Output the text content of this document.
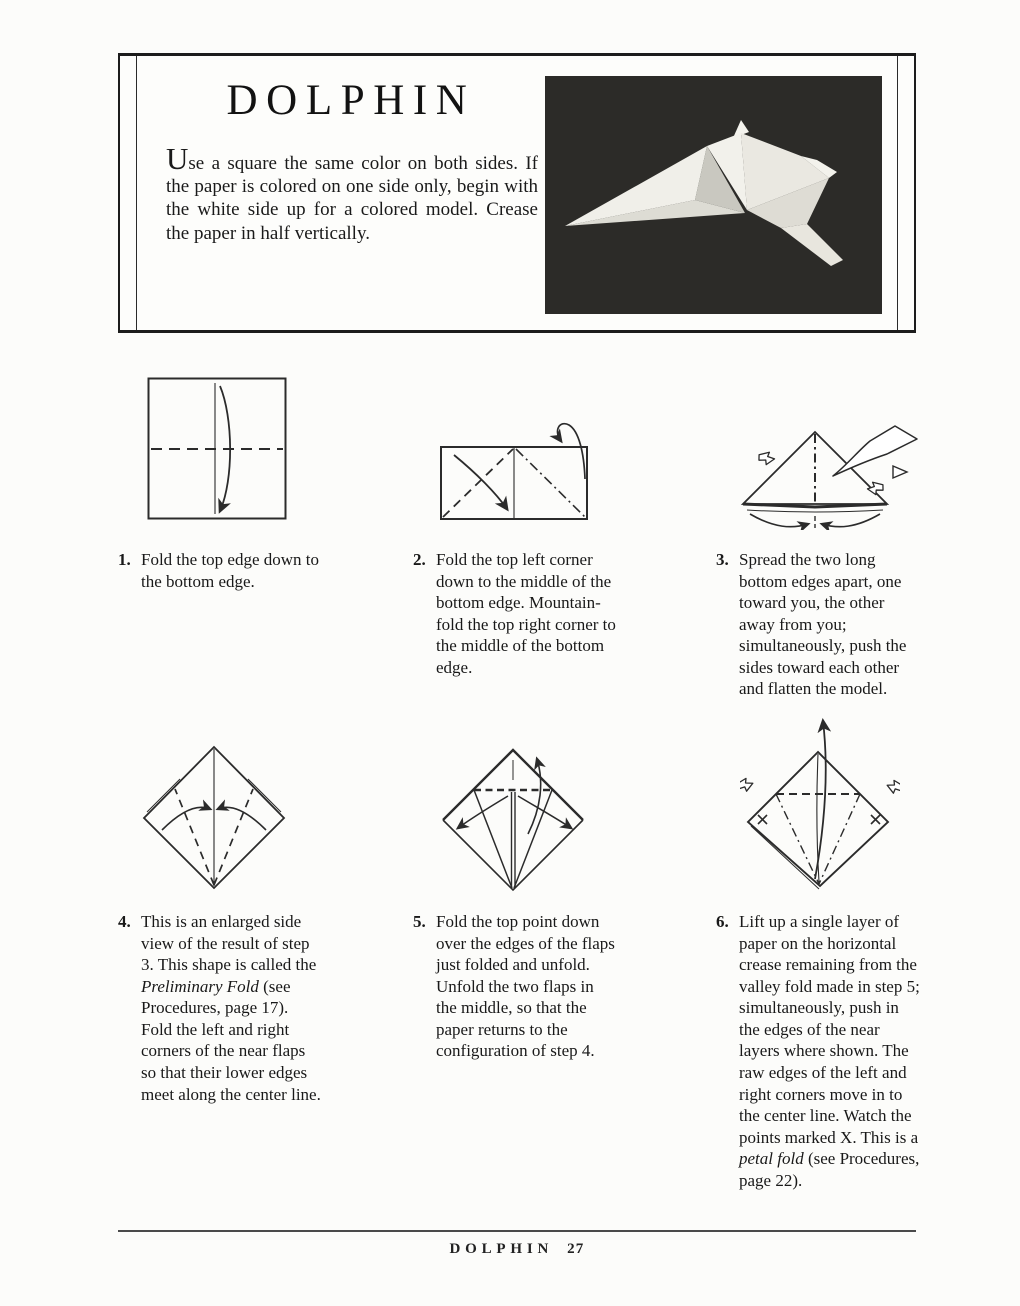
DOLPHIN
Use a square the same color on both sides. If the paper is colored on one side only, begin with the white side up for a colored model. Crease the paper in half vertically.
1. Fold the top edge down to the bottom edge.
2. Fold the top left corner down to the middle of the bottom edge. Mountain-fold the top right corner to the middle of the bottom edge.
3. Spread the two long bottom edges apart, one toward you, the other away from you; simultaneously, push the sides toward each other and flatten the model.
4. This is an enlarged side view of the result of step 3. This shape is called the Preliminary Fold (see Procedures, page 17). Fold the left and right corners of the near flaps so that their lower edges meet along the center line.
5. Fold the top point down over the edges of the flaps just folded and unfold. Unfold the two flaps in the middle, so that the paper returns to the configuration of step 4.
6. Lift up a single layer of paper on the horizontal crease remaining from the valley fold made in step 5; simultaneously, push in the edges of the near layers where shown. The raw edges of the left and right corners move in to the center line. Watch the points marked X. This is a petal fold (see Procedures, page 22).
DOLPHIN 27
